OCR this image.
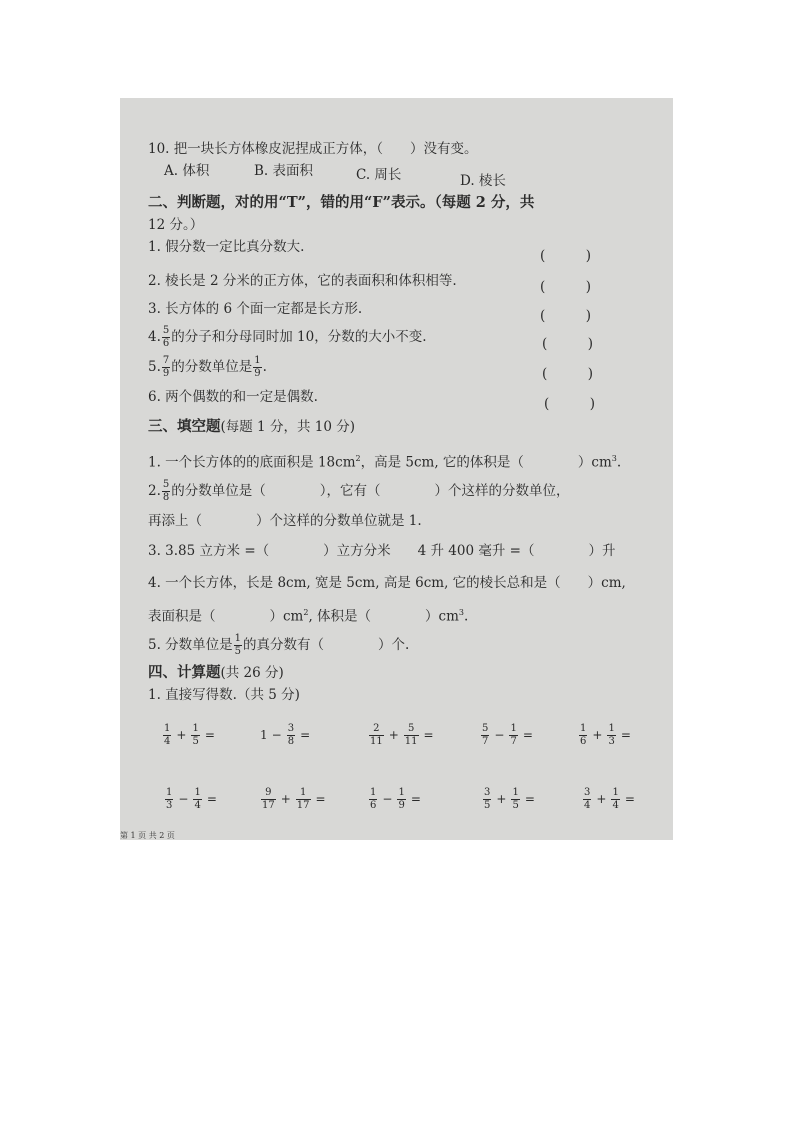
10. 把一块长方体橡皮泥捏成正方体，（　　）没有变。
A. 体积	B. 表面积	C. 周长	D. 棱长
二、判断题，对的用“T”，错的用“F”表示。（每题 2 分，共
12 分。）
1. 假分数一定比真分数大.
(　　　)
2. 棱长是 2 分米的正方体，它的表面积和体积相等.	(　　　)
3. 长方体的 6 个面一定都是长方形.	(　　　)
4. $\frac{5}{6}$ 的分子和分母同时加 10，分数的大小不变.	(　　　)
5. $\frac{7}{9}$ 的分数单位是 $\frac{1}{9}$ .	(　　　)
6. 两个偶数的和一定是偶数.	(　　　)
三、填空题(每题 1 分，共 10 分)
1. 一个长方体的的底面积是 $18cm^2$，高是 5cm, 它的体积是（　　　　）$cm^3$.
2. $\frac{5}{8}$ 的分数单位是（　　　　），它有（　　　　）个这样的分数单位，
再添上（　　　　）个这样的分数单位就是 1.
3. 3.85 立方米 =（　　　　）立方分米　　4 升 400 毫升 =（　　　　）升
4. 一个长方体，长是 8cm, 宽是 5cm, 高是 6cm, 它的棱长总和是（　　）cm,
表面积是（　　　　）$cm^2$, 体积是（　　　　）$cm^3$.
5. 分数单位是 $\frac{1}{5}$ 的真分数有（　　　　）个.
四、计算题(共 26 分)
1. 直接写得数.（共 5 分)
$\frac{1}{4} + \frac{1}{5}$ =	$1 - \frac{3}{8}$ =	$\frac{2}{11} + \frac{5}{11}$ =	$\frac{5}{7} - \frac{1}{7}$ =	$\frac{1}{6} + \frac{1}{3}$ =
$\frac{1}{3} - \frac{1}{4}$ =	$\frac{9}{17} + \frac{1}{17}$ =	$\frac{1}{6} - \frac{1}{9}$ =	$\frac{3}{5} + \frac{1}{5}$ =	$\frac{3}{4} + \frac{1}{4}$ =
第 1 页 共 2 页
